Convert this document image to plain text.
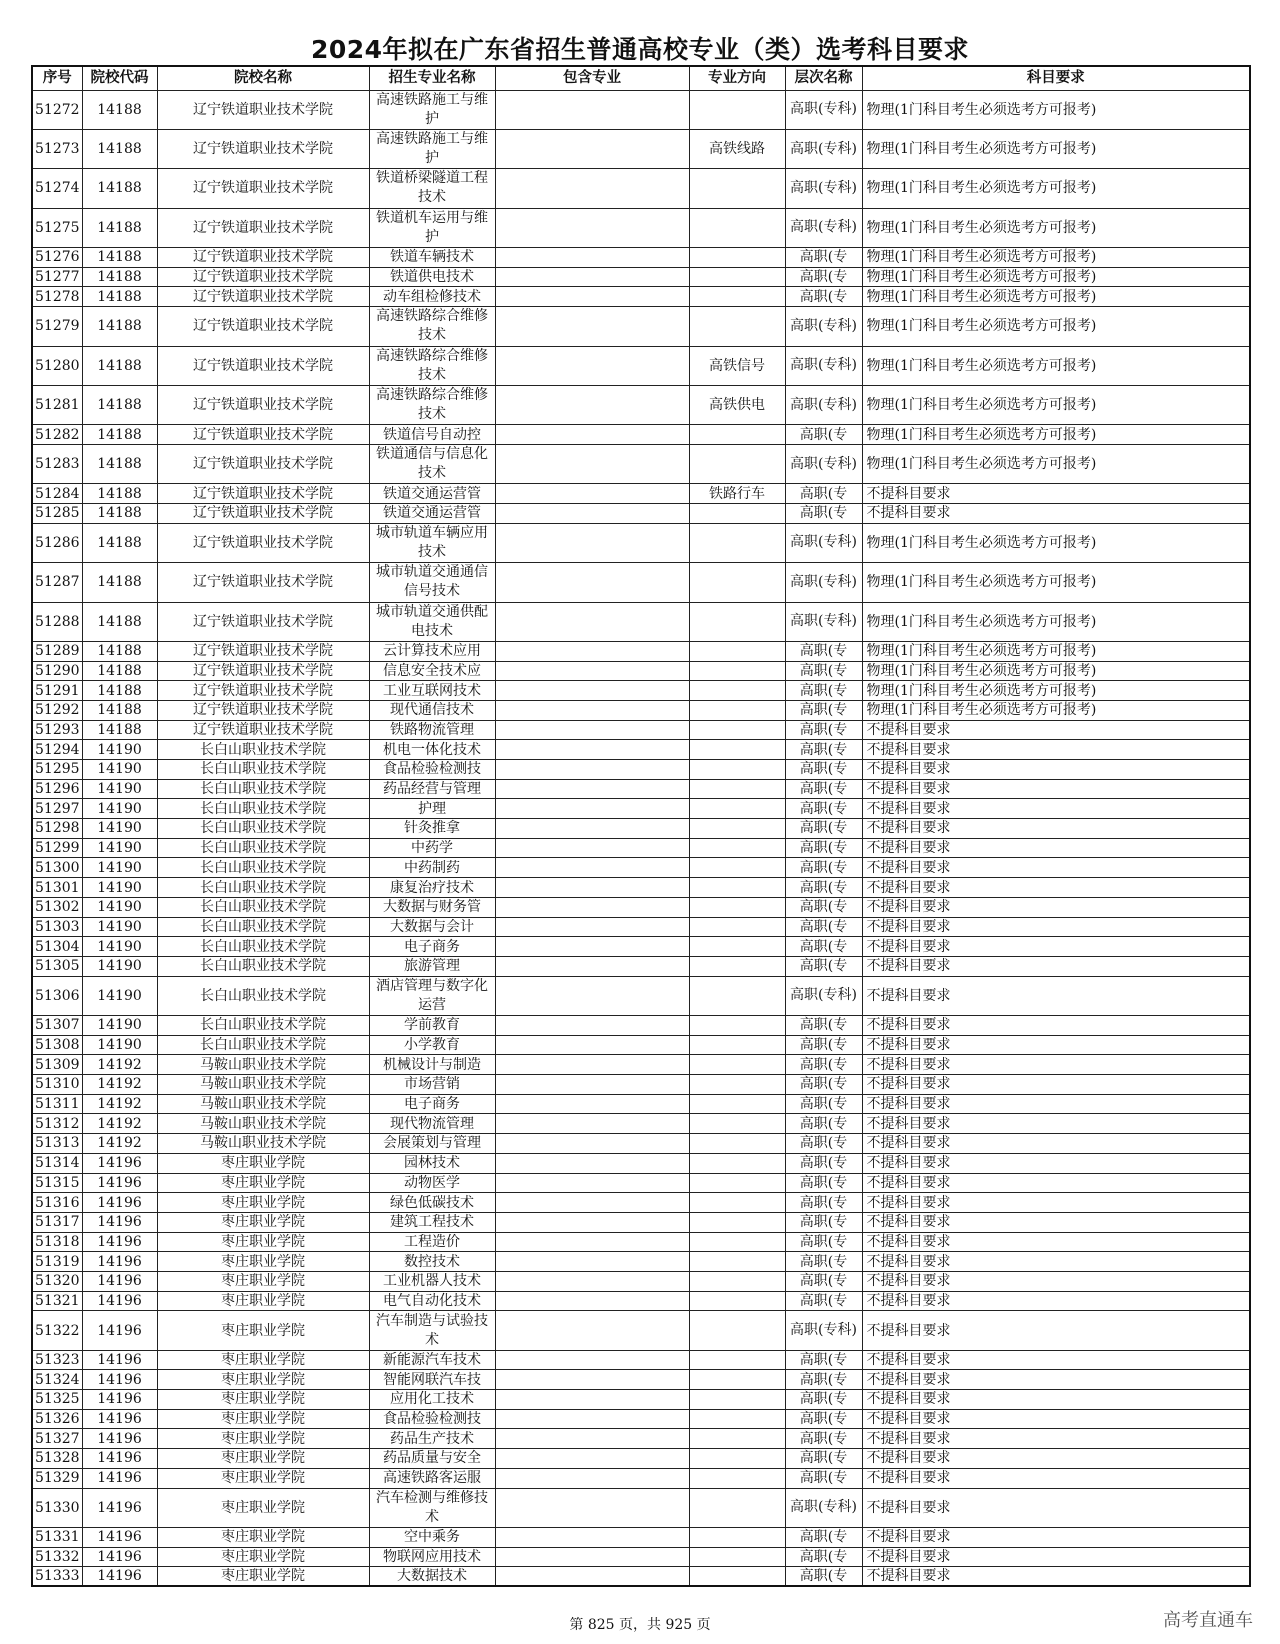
2024年拟在广东省招生普通高校专业（类）选考科目要求
序号	院校代码	院校名称	招生专业名称	包含专业	专业方向	层次名称	科目要求
51272	14188	辽宁铁道职业技术学院	高速铁路施工与维护			高职(专科)	物理(1门科目考生必须选考方可报考)
51273	14188	辽宁铁道职业技术学院	高速铁路施工与维护		高铁线路	高职(专科)	物理(1门科目考生必须选考方可报考)
51274	14188	辽宁铁道职业技术学院	铁道桥梁隧道工程技术			高职(专科)	物理(1门科目考生必须选考方可报考)
51275	14188	辽宁铁道职业技术学院	铁道机车运用与维护			高职(专科)	物理(1门科目考生必须选考方可报考)
51276	14188	辽宁铁道职业技术学院	铁道车辆技术			高职(专	物理(1门科目考生必须选考方可报考)
51277	14188	辽宁铁道职业技术学院	铁道供电技术			高职(专	物理(1门科目考生必须选考方可报考)
51278	14188	辽宁铁道职业技术学院	动车组检修技术			高职(专	物理(1门科目考生必须选考方可报考)
51279	14188	辽宁铁道职业技术学院	高速铁路综合维修技术			高职(专科)	物理(1门科目考生必须选考方可报考)
51280	14188	辽宁铁道职业技术学院	高速铁路综合维修技术		高铁信号	高职(专科)	物理(1门科目考生必须选考方可报考)
51281	14188	辽宁铁道职业技术学院	高速铁路综合维修技术		高铁供电	高职(专科)	物理(1门科目考生必须选考方可报考)
51282	14188	辽宁铁道职业技术学院	铁道信号自动控			高职(专	物理(1门科目考生必须选考方可报考)
51283	14188	辽宁铁道职业技术学院	铁道通信与信息化技术			高职(专科)	物理(1门科目考生必须选考方可报考)
51284	14188	辽宁铁道职业技术学院	铁道交通运营管		铁路行车	高职(专	不提科目要求
51285	14188	辽宁铁道职业技术学院	铁道交通运营管			高职(专	不提科目要求
51286	14188	辽宁铁道职业技术学院	城市轨道车辆应用技术			高职(专科)	物理(1门科目考生必须选考方可报考)
51287	14188	辽宁铁道职业技术学院	城市轨道交通通信信号技术			高职(专科)	物理(1门科目考生必须选考方可报考)
51288	14188	辽宁铁道职业技术学院	城市轨道交通供配电技术			高职(专科)	物理(1门科目考生必须选考方可报考)
51289	14188	辽宁铁道职业技术学院	云计算技术应用			高职(专	物理(1门科目考生必须选考方可报考)
51290	14188	辽宁铁道职业技术学院	信息安全技术应			高职(专	物理(1门科目考生必须选考方可报考)
51291	14188	辽宁铁道职业技术学院	工业互联网技术			高职(专	物理(1门科目考生必须选考方可报考)
51292	14188	辽宁铁道职业技术学院	现代通信技术			高职(专	物理(1门科目考生必须选考方可报考)
51293	14188	辽宁铁道职业技术学院	铁路物流管理			高职(专	不提科目要求
51294	14190	长白山职业技术学院	机电一体化技术			高职(专	不提科目要求
51295	14190	长白山职业技术学院	食品检验检测技			高职(专	不提科目要求
51296	14190	长白山职业技术学院	药品经营与管理			高职(专	不提科目要求
51297	14190	长白山职业技术学院	护理			高职(专	不提科目要求
51298	14190	长白山职业技术学院	针灸推拿			高职(专	不提科目要求
51299	14190	长白山职业技术学院	中药学			高职(专	不提科目要求
51300	14190	长白山职业技术学院	中药制药			高职(专	不提科目要求
51301	14190	长白山职业技术学院	康复治疗技术			高职(专	不提科目要求
51302	14190	长白山职业技术学院	大数据与财务管			高职(专	不提科目要求
51303	14190	长白山职业技术学院	大数据与会计			高职(专	不提科目要求
51304	14190	长白山职业技术学院	电子商务			高职(专	不提科目要求
51305	14190	长白山职业技术学院	旅游管理			高职(专	不提科目要求
51306	14190	长白山职业技术学院	酒店管理与数字化运营			高职(专科)	不提科目要求
51307	14190	长白山职业技术学院	学前教育			高职(专	不提科目要求
51308	14190	长白山职业技术学院	小学教育			高职(专	不提科目要求
51309	14192	马鞍山职业技术学院	机械设计与制造			高职(专	不提科目要求
51310	14192	马鞍山职业技术学院	市场营销			高职(专	不提科目要求
51311	14192	马鞍山职业技术学院	电子商务			高职(专	不提科目要求
51312	14192	马鞍山职业技术学院	现代物流管理			高职(专	不提科目要求
51313	14192	马鞍山职业技术学院	会展策划与管理			高职(专	不提科目要求
51314	14196	枣庄职业学院	园林技术			高职(专	不提科目要求
51315	14196	枣庄职业学院	动物医学			高职(专	不提科目要求
51316	14196	枣庄职业学院	绿色低碳技术			高职(专	不提科目要求
51317	14196	枣庄职业学院	建筑工程技术			高职(专	不提科目要求
51318	14196	枣庄职业学院	工程造价			高职(专	不提科目要求
51319	14196	枣庄职业学院	数控技术			高职(专	不提科目要求
51320	14196	枣庄职业学院	工业机器人技术			高职(专	不提科目要求
51321	14196	枣庄职业学院	电气自动化技术			高职(专	不提科目要求
51322	14196	枣庄职业学院	汽车制造与试验技术			高职(专科)	不提科目要求
51323	14196	枣庄职业学院	新能源汽车技术			高职(专	不提科目要求
51324	14196	枣庄职业学院	智能网联汽车技			高职(专	不提科目要求
51325	14196	枣庄职业学院	应用化工技术			高职(专	不提科目要求
51326	14196	枣庄职业学院	食品检验检测技			高职(专	不提科目要求
51327	14196	枣庄职业学院	药品生产技术			高职(专	不提科目要求
51328	14196	枣庄职业学院	药品质量与安全			高职(专	不提科目要求
51329	14196	枣庄职业学院	高速铁路客运服			高职(专	不提科目要求
51330	14196	枣庄职业学院	汽车检测与维修技术			高职(专科)	不提科目要求
51331	14196	枣庄职业学院	空中乘务			高职(专	不提科目要求
51332	14196	枣庄职业学院	物联网应用技术			高职(专	不提科目要求
51333	14196	枣庄职业学院	大数据技术			高职(专	不提科目要求
第 825 页，共 925 页	高考直通车
